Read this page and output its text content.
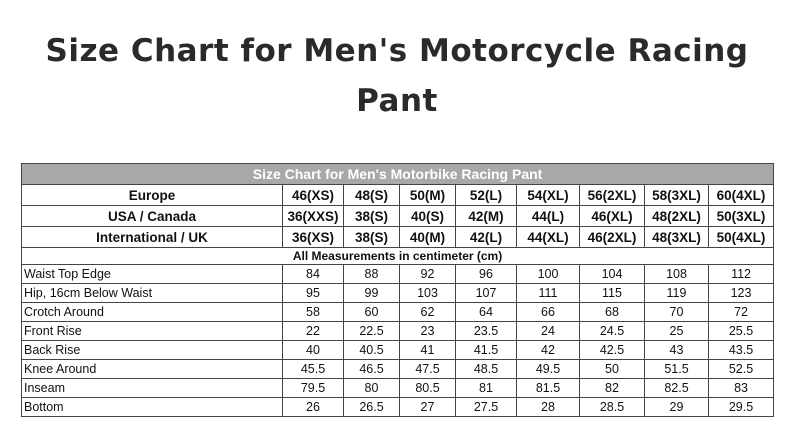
Size Chart for Men's Motorcycle Racing
Pant
Size Chart for Men's Motorbike Racing Pant								
Europe	46(XS)	48(S)	50(M)	52(L)	54(XL)	56(2XL)	58(3XL)	60(4XL)
USA / Canada	36(XXS)	38(S)	40(S)	42(M)	44(L)	46(XL)	48(2XL)	50(3XL)
International / UK	36(XS)	38(S)	40(M)	42(L)	44(XL)	46(2XL)	48(3XL)	50(4XL)
All Measurements in centimeter (cm)								
Waist Top Edge	84	88	92	96	100	104	108	112
Hip, 16cm Below Waist	95	99	103	107	111	115	119	123
Crotch Around	58	60	62	64	66	68	70	72
Front Rise	22	22.5	23	23.5	24	24.5	25	25.5
Back Rise	40	40.5	41	41.5	42	42.5	43	43.5
Knee Around	45.5	46.5	47.5	48.5	49.5	50	51.5	52.5
Inseam	79.5	80	80.5	81	81.5	82	82.5	83
Bottom	26	26.5	27	27.5	28	28.5	29	29.5
